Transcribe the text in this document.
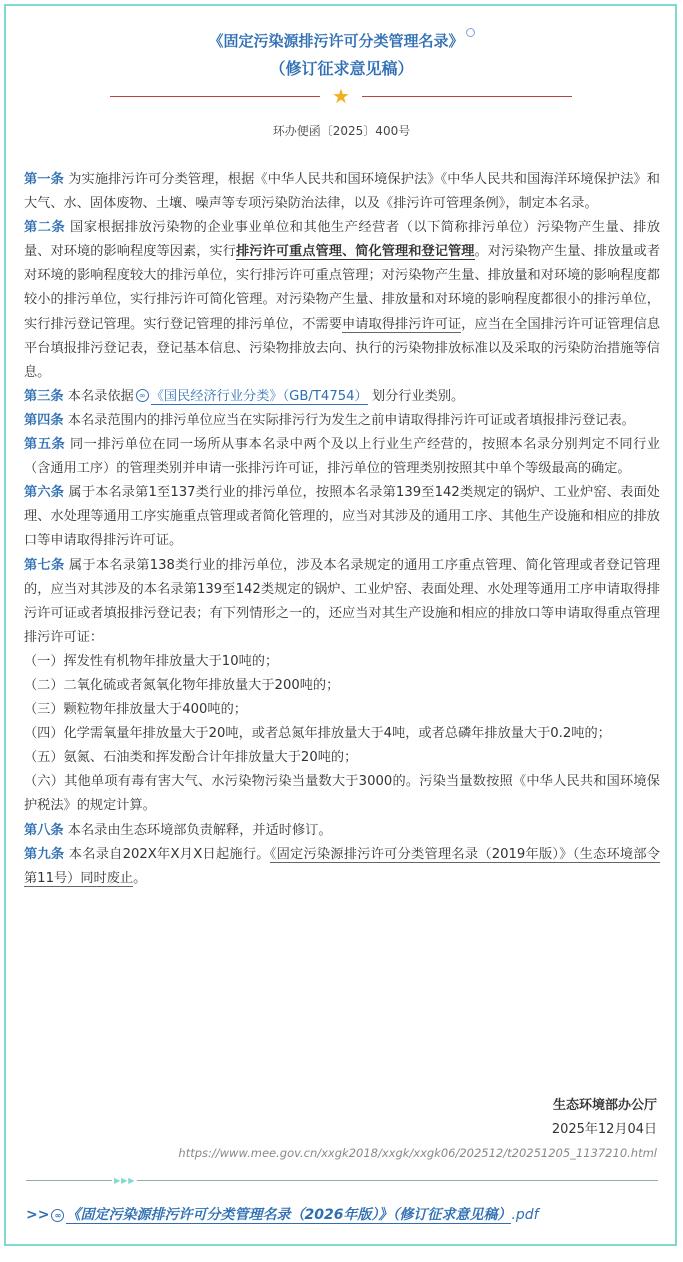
《固定污染源排污许可分类管理名录》
（修订征求意见稿）
★
环办便函〔2025〕400号

第一条 为实施排污许可分类管理，根据《中华人民共和国环境保护法》《中华人民共和国海洋环境保护法》和大气、水、固体废物、土壤、噪声等专项污染防治法律，以及《排污许可管理条例》，制定本名录。

第二条 国家根据排放污染物的企业事业单位和其他生产经营者（以下简称排污单位）污染物产生量、排放量、对环境的影响程度等因素，实行排污许可重点管理、简化管理和登记管理。对污染物产生量、排放量或者对环境的影响程度较大的排污单位，实行排污许可重点管理；对污染物产生量、排放量和对环境的影响程度都较小的排污单位，实行排污许可简化管理。对污染物产生量、排放量和对环境的影响程度都很小的排污单位，实行排污登记管理。实行登记管理的排污单位，不需要申请取得排污许可证，应当在全国排污许可证管理信息平台填报排污登记表，登记基本信息、污染物排放去向、执行的污染物排放标准以及采取的污染防治措施等信息。

第三条 本名录依据 ∞ 《国民经济行业分类》（GB/T4754） 划分行业类别。

第四条 本名录范围内的排污单位应当在实际排污行为发生之前申请取得排污许可证或者填报排污登记表。

第五条 同一排污单位在同一场所从事本名录中两个及以上行业生产经营的，按照本名录分别判定不同行业（含通用工序）的管理类别并申请一张排污许可证，排污单位的管理类别按照其中单个等级最高的确定。

第六条 属于本名录第1至137类行业的排污单位，按照本名录第139至142类规定的锅炉、工业炉窑、表面处理、水处理等通用工序实施重点管理或者简化管理的，应当对其涉及的通用工序、其他生产设施和相应的排放口等申请取得排污许可证。

第七条 属于本名录第138类行业的排污单位，涉及本名录规定的通用工序重点管理、简化管理或者登记管理的，应当对其涉及的本名录第139至142类规定的锅炉、工业炉窑、表面处理、水处理等通用工序申请取得排污许可证或者填报排污登记表；有下列情形之一的，还应当对其生产设施和相应的排放口等申请取得重点管理排污许可证：

（一）挥发性有机物年排放量大于10吨的；

（二）二氧化硫或者氮氧化物年排放量大于200吨的；

（三）颗粒物年排放量大于400吨的；

（四）化学需氧量年排放量大于20吨，或者总氮年排放量大于4吨，或者总磷年排放量大于0.2吨的；

（五）氨氮、石油类和挥发酚合计年排放量大于20吨的；

（六）其他单项有毒有害大气、水污染物污染当量数大于3000的。污染当量数按照《中华人民共和国环境保护税法》的规定计算。

第八条 本名录由生态环境部负责解释，并适时修订。

第九条 本名录自202X年X月X日起施行。《固定污染源排污许可分类管理名录（2019年版）》（生态环境部令第11号）同时废止。

生态环境部办公厅
2025年12月04日
https://www.mee.gov.cn/xxgk2018/xxgk/xxgk06/202512/t20251205_1137210.html
▶▶▶
>> ∞ 《固定污染源排污许可分类管理名录（2026年版）》（修订征求意见稿）.pdf
